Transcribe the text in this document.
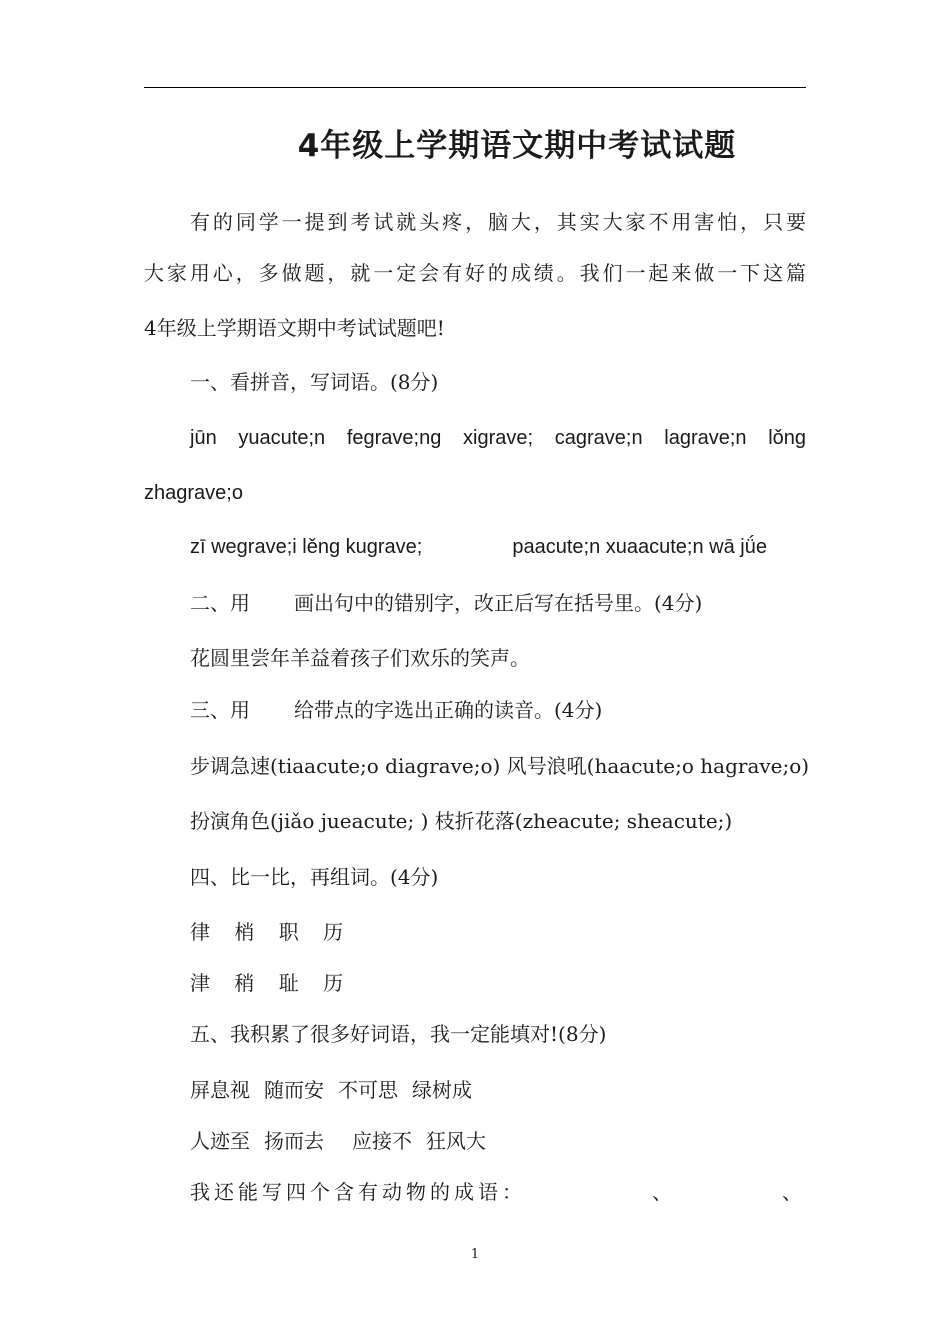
4年级上学期语文期中考试试题
有的同学一提到考试就头疼，脑大，其实大家不用害怕，只要
大家用心，多做题，就一定会有好的成绩。我们一起来做一下这篇
4年级上学期语文期中考试试题吧!
一、看拼音，写词语。(8分)
jūn yuacute;n fegrave;ng xigrave; cagrave;n lagrave;n lǒng
zhagrave;o
zī wegrave;i lěng kugrave;	paacute;n xuaacute;n wā jǘe
二、用 画出句中的错别字，改正后写在括号里。(4分)
花圆里尝年羊益着孩子们欢乐的笑声。
三、用 给带点的字选出正确的读音。(4分)
步调急速(tiaacute;o diagrave;o) 风号浪吼(haacute;o hagrave;o)
扮演角色(jiǎo jueacute; ) 枝折花落(zheacute; sheacute;)
四、比一比，再组词。(4分)
律 梢 职 历
津 稍 耻 历
五、我积累了很多好词语，我一定能填对!(8分)
屏息视 随而安 不可思 绿树成
人迹至 扬而去 应接不 狂风大
我还能写四个含有动物的成语：	、	、
1
